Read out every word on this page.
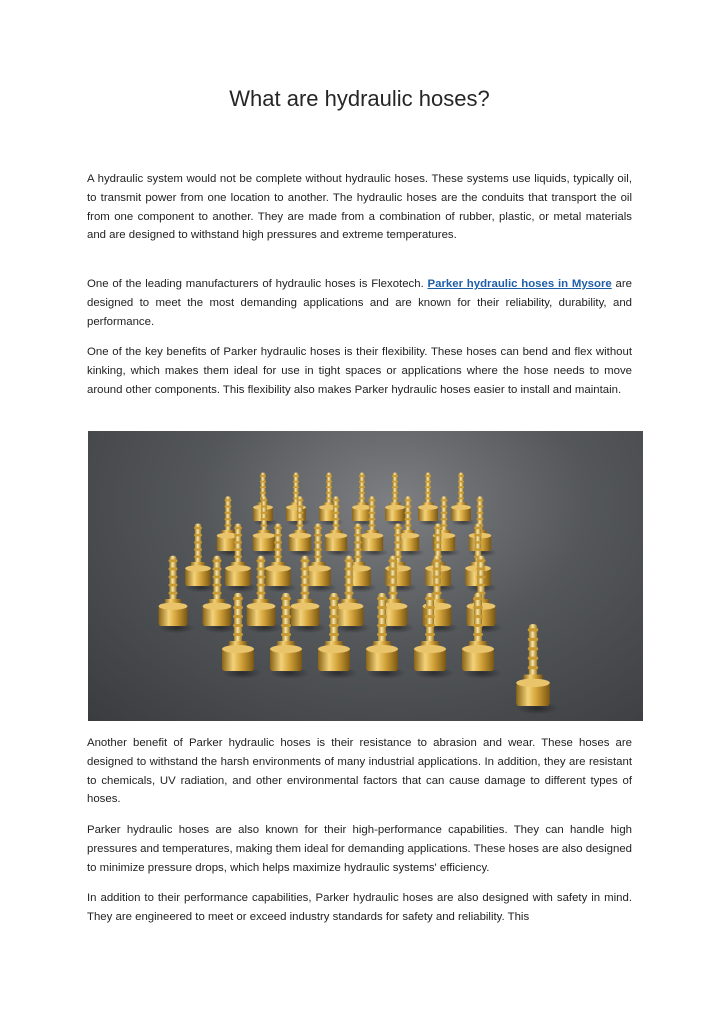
What are hydraulic hoses?

A hydraulic system would not be complete without hydraulic hoses. These systems use liquids, typically oil, to transmit power from one location to another. The hydraulic hoses are the conduits that transport the oil from one component to another. They are made from a combination of rubber, plastic, or metal materials and are designed to withstand high pressures and extreme temperatures.

One of the leading manufacturers of hydraulic hoses is Flexotech. Parker hydraulic hoses in Mysore are designed to meet the most demanding applications and are known for their reliability, durability, and performance.

One of the key benefits of Parker hydraulic hoses is their flexibility. These hoses can bend and flex without kinking, which makes them ideal for use in tight spaces or applications where the hose needs to move around other components. This flexibility also makes Parker hydraulic hoses easier to install and maintain.

Another benefit of Parker hydraulic hoses is their resistance to abrasion and wear. These hoses are designed to withstand the harsh environments of many industrial applications. In addition, they are resistant to chemicals, UV radiation, and other environmental factors that can cause damage to different types of hoses.

Parker hydraulic hoses are also known for their high-performance capabilities. They can handle high pressures and temperatures, making them ideal for demanding applications. These hoses are also designed to minimize pressure drops, which helps maximize hydraulic systems' efficiency.

In addition to their performance capabilities, Parker hydraulic hoses are also designed with safety in mind. They are engineered to meet or exceed industry standards for safety and reliability. This
